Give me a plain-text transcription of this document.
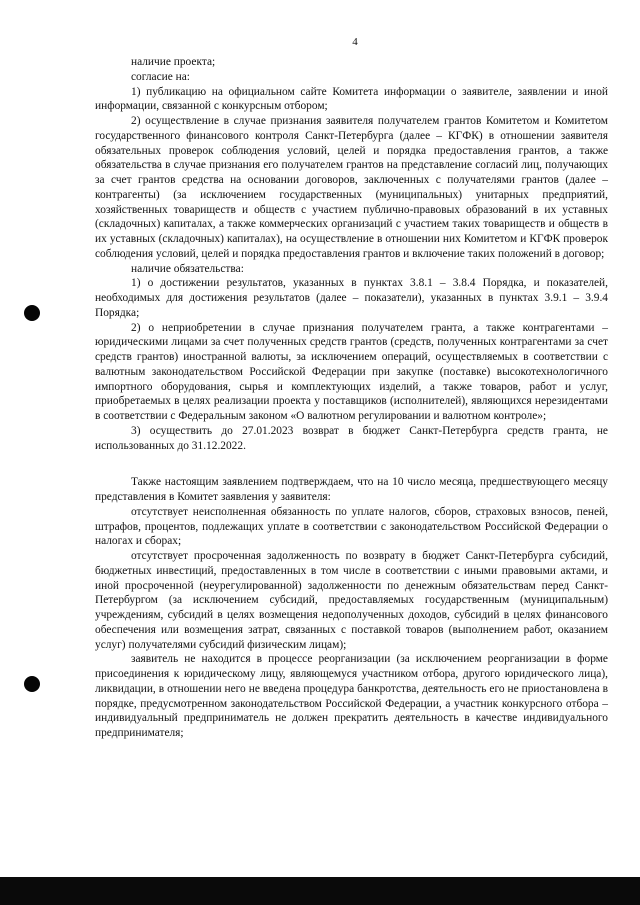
4

наличие проекта;

согласие на:

1) публикацию на официальном сайте Комитета информации о заявителе, заявлении и иной информации, связанной с конкурсным отбором;

2) осуществление в случае признания заявителя получателем грантов Комитетом и Комитетом государственного финансового контроля Санкт-Петербурга (далее – КГФК) в отношении заявителя обязательных проверок соблюдения условий, целей и порядка предоставления грантов, а также обязательства в случае признания его получателем грантов на представление согласий лиц, получающих за счет грантов средства на основании договоров, заключенных с получателями грантов (далее – контрагенты) (за исключением государственных (муниципальных) унитарных предприятий, хозяйственных товариществ и обществ с участием публично-правовых образований в их уставных (складочных) капиталах, а также коммерческих организаций с участием таких товариществ и обществ в их уставных (складочных) капиталах), на осуществление в отношении них Комитетом и КГФК проверок соблюдения условий, целей и порядка предоставления грантов и включение таких положений в договор;

наличие обязательства:

1) о достижении результатов, указанных в пунктах 3.8.1 – 3.8.4 Порядка, и показателей, необходимых для достижения результатов (далее – показатели), указанных в пунктах 3.9.1 – 3.9.4 Порядка;

2) о неприобретении в случае признания получателем гранта, а также контрагентами – юридическими лицами за счет полученных средств грантов (средств, полученных контрагентами за счет средств грантов) иностранной валюты, за исключением операций, осуществляемых в соответствии с валютным законодательством Российской Федерации при закупке (поставке) высокотехнологичного импортного оборудования, сырья и комплектующих изделий, а также товаров, работ и услуг, приобретаемых в целях реализации проекта у поставщиков (исполнителей), являющихся нерезидентами в соответствии с Федеральным законом «О валютном регулировании и валютном контроле»;

3) осуществить до 27.01.2023 возврат в бюджет Санкт-Петербурга средств гранта, не использованных до 31.12.2022.

Также настоящим заявлением подтверждаем, что на 10 число месяца, предшествующего месяцу представления в Комитет заявления у заявителя:

отсутствует неисполненная обязанность по уплате налогов, сборов, страховых взносов, пеней, штрафов, процентов, подлежащих уплате в соответствии с законодательством Российской Федерации о налогах и сборах;

отсутствует просроченная задолженность по возврату в бюджет Санкт-Петербурга субсидий, бюджетных инвестиций, предоставленных в том числе в соответствии с иными правовыми актами, и иной просроченной (неурегулированной) задолженности по денежным обязательствам перед Санкт-Петербургом (за исключением субсидий, предоставляемых государственным (муниципальным) учреждениям, субсидий в целях возмещения недополученных доходов, субсидий в целях финансового обеспечения или возмещения затрат, связанных с поставкой товаров (выполнением работ, оказанием услуг) получателями субсидий физическим лицам);

заявитель не находится в процессе реорганизации (за исключением реорганизации в форме присоединения к юридическому лицу, являющемуся участником отбора, другого юридического лица), ликвидации, в отношении него не введена процедура банкротства, деятельность его не приостановлена в порядке, предусмотренном законодательством Российской Федерации, а участник конкурсного отбора – индивидуальный предприниматель не должен прекратить деятельность в качестве индивидуального предпринимателя;
